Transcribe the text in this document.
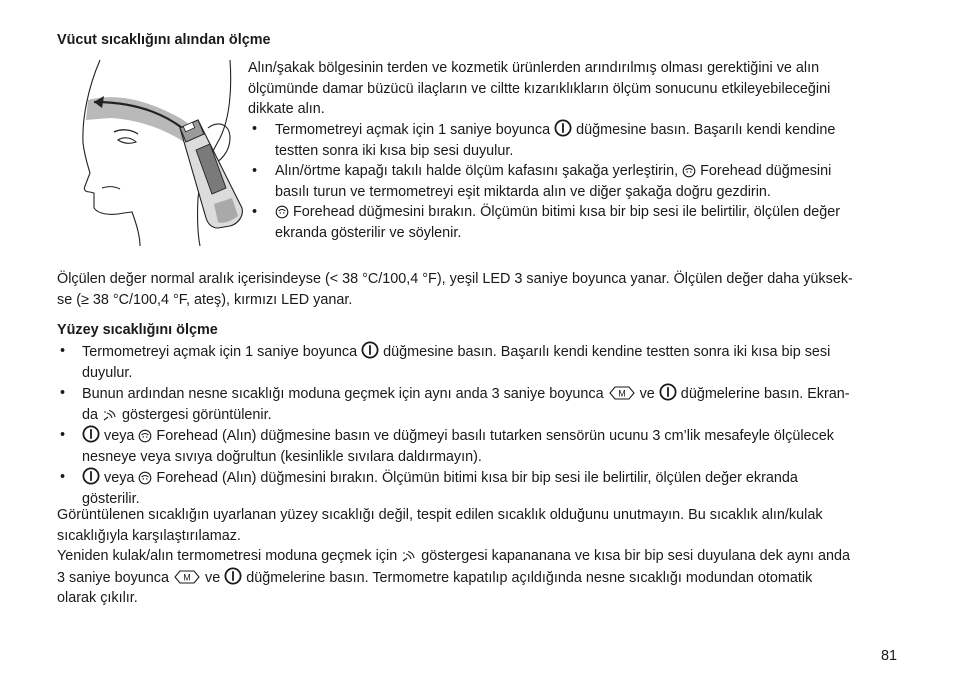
Vücut sıcaklığını alından ölçme
Alın/şakak bölgesinin terden ve kozmetik ürünlerden arındırılmış olması gerektiğini ve alın
ölçümünde damar büzücü ilaçların ve ciltte kızarıklıkların ölçüm sonucunu etkileyebileceğini
dikkate alın.
• Termometreyi açmak için 1 saniye boyunca
düğmesine basın. Başarılı kendi kendine
testten sonra iki kısa bip sesi duyulur.
• Alın/örtme kapağı takılı halde ölçüm kafasını şakağa yerleştirin,
Forehead düğmesini
basılı turun ve termometreyi eşit miktarda alın ve diğer şakağa doğru gezdirin.
•	Forehead düğmesini bırakın. Ölçümün bitimi kısa bir bip sesi ile belirtilir, ölçülen değer
ekranda gösterilir ve söylenir.
Ölçülen değer normal aralık içerisindeyse (< 38 °C/100,4 °F), yeşil LED 3 saniye boyunca yanar. Ölçülen değer daha yüksek-
se (≥ 38 °C/100,4 °F, ateş), kırmızı LED yanar.
Yüzey sıcaklığını ölçme
• Termometreyi açmak için 1 saniye boyunca
düğmesine basın. Başarılı kendi kendine testten sonra iki kısa bip sesi
duyulur.
• Bunun ardından nesne sıcaklığı moduna geçmek için aynı anda 3 saniye boyunca M ve
düğmelerine basın. Ekran-
da
göstergesi görüntülenir.
•	veya
Forehead (Alın) düğmesine basın ve düğmeyi basılı tutarken sensörün ucunu 3 cm’lik mesafeyle ölçülecek
nesneye veya sıvıya doğrultun (kesinlikle sıvılara daldırmayın).
•	veya
Forehead (Alın) düğmesini bırakın. Ölçümün bitimi kısa bir bip sesi ile belirtilir, ölçülen değer ekranda
gösterilir.
Görüntülenen sıcaklığın uyarlanan yüzey sıcaklığı değil, tespit edilen sıcaklık olduğunu unutmayın. Bu sıcaklık alın/kulak
sıcaklığıyla karşılaştırılamaz.
Yeniden kulak/alın termometresi moduna geçmek için
göstergesi kapananana ve kısa bir bip sesi duyulana dek aynı anda
3 saniye boyunca M ve
düğmelerine basın. Termometre kapatılıp açıldığında nesne sıcaklığı modundan otomatik
olarak çıkılır.
81
